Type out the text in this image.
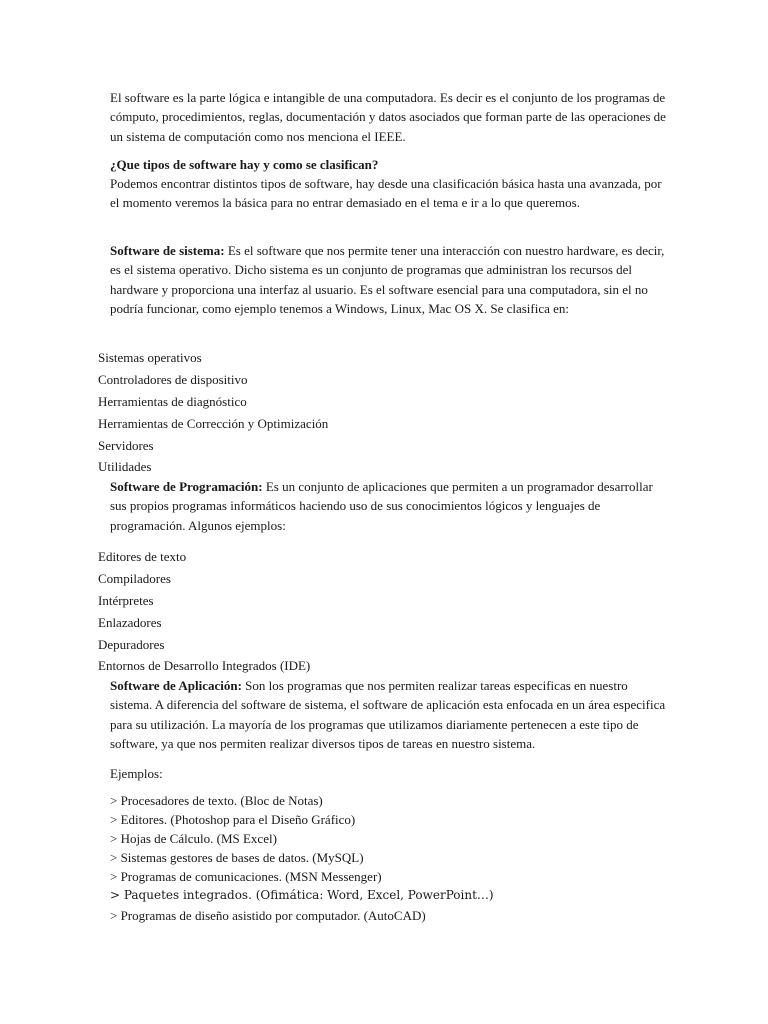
El software es la parte lógica e intangible de una computadora. Es decir es el conjunto de los programas de cómputo, procedimientos, reglas, documentación y datos asociados que forman parte de las operaciones de un sistema de computación como nos menciona el IEEE.

¿Que tipos de software hay y como se clasifican?

Podemos encontrar distintos tipos de software, hay desde una clasificación básica hasta una avanzada, por el momento veremos la básica para no entrar demasiado en el tema e ir a lo que queremos.

Software de sistema: Es el software que nos permite tener una interacción con nuestro hardware, es decir, es el sistema operativo. Dicho sistema es un conjunto de programas que administran los recursos del hardware y proporciona una interfaz al usuario. Es el software esencial para una computadora, sin el no podría funcionar, como ejemplo tenemos a Windows, Linux, Mac OS X. Se clasifica en:

Sistemas operativos
Controladores de dispositivo
Herramientas de diagnóstico
Herramientas de Corrección y Optimización
Servidores
Utilidades

Software de Programación: Es un conjunto de aplicaciones que permiten a un programador desarrollar sus propios programas informáticos haciendo uso de sus conocimientos lógicos y lenguajes de programación. Algunos ejemplos:

Editores de texto
Compiladores
Intérpretes
Enlazadores
Depuradores
Entornos de Desarrollo Integrados (IDE)

Software de Aplicación: Son los programas que nos permiten realizar tareas especificas en nuestro sistema. A diferencia del software de sistema, el software de aplicación esta enfocada en un área especifica para su utilización. La mayoría de los programas que utilizamos diariamente pertenecen a este tipo de software, ya que nos permiten realizar diversos tipos de tareas en nuestro sistema.

Ejemplos:

> Procesadores de texto. (Bloc de Notas)
> Editores. (Photoshop para el Diseño Gráfico)
> Hojas de Cálculo. (MS Excel)
> Sistemas gestores de bases de datos. (MySQL)
> Programas de comunicaciones. (MSN Messenger)
> Paquetes integrados. (Ofimática: Word, Excel, PowerPoint…)
> Programas de diseño asistido por computador. (AutoCAD)
